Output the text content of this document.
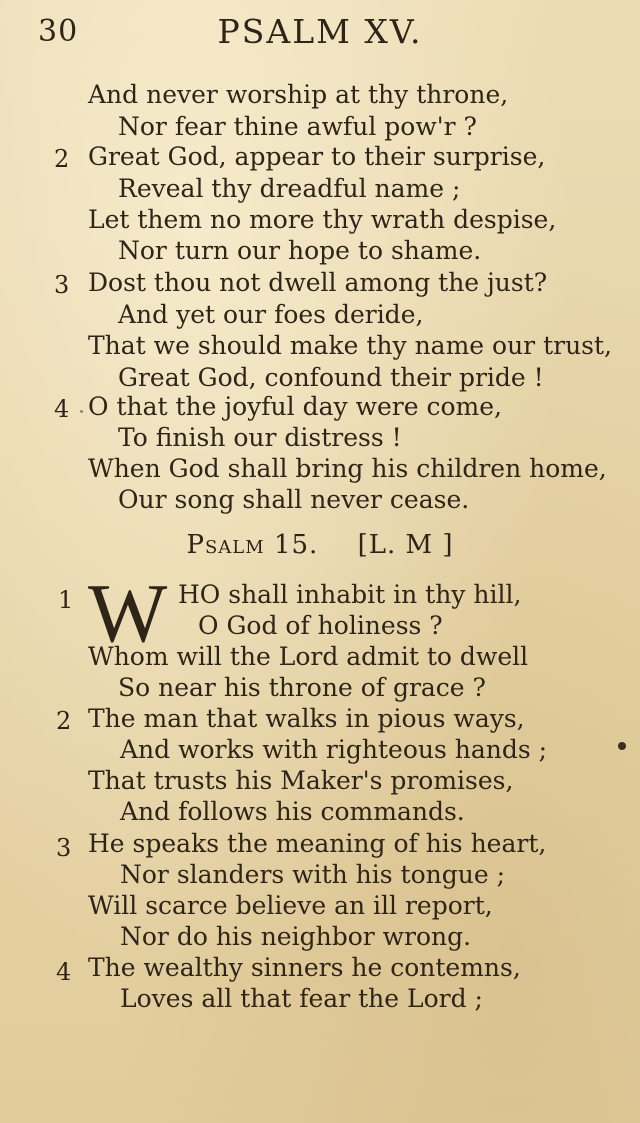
30	PSALM XV.
And never worship at thy throne,
Nor fear thine awful pow'r ?
2 Great God, appear to their surprise,
Reveal thy dreadful name ;
Let them no more thy wrath despise,
Nor turn our hope to shame.
3 Dost thou not dwell among the just?
And yet our foes deride,
That we should make thy name our trust,
Great God, confound their pride !
4 O that the joyful day were come,
To finish our distress !
When God shall bring his children home,
Our song shall never cease.
Psalm 15. [L. M ]
1 W HO shall inhabit in thy hill,
O God of holiness ?
Whom will the Lord admit to dwell
So near his throne of grace ?
2 The man that walks in pious ways,
And works with righteous hands ;
That trusts his Maker's promises,
And follows his commands.
3 He speaks the meaning of his heart,
Nor slanders with his tongue ;
Will scarce believe an ill report,
Nor do his neighbor wrong.
4 The wealthy sinners he contemns,
Loves all that fear the Lord ;
